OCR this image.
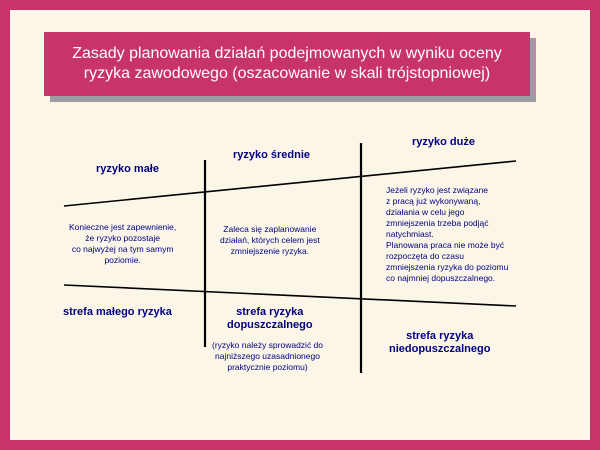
Zasady planowania działań podejmowanych w wyniku oceny
ryzyka zawodowego (oszacowanie w skali trójstopniowej)
ryzyko małe
ryzyko średnie
ryzyko duże
Konieczne jest zapewnienie,
że ryzyko pozostaje
co najwyżej na tym samym
poziomie.
Zaleca się zaplanowanie
działań, których celem jest
zmniejszenie ryzyka.
Jeżeli ryzyko jest związane
z pracą już wykonywaną,
działania w celu jego
zmniejszenia trzeba podjąć
natychmiast.
Planowana praca nie może być
rozpoczęta do czasu
zmniejszenia ryzyka do poziomu
co najmniej dopuszczalnego.
strefa małego ryzyka	strefa ryzyka
dopuszczalnego
(ryzyko należy sprowadzić do
najniższego uzasadnionego
praktycznie poziomu)
strefa ryzyka
niedopuszczalnego
